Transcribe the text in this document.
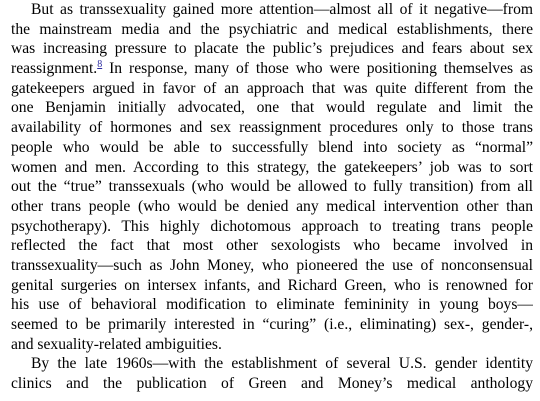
But as transsexuality gained more attention—almost all of it negative—from
the mainstream media and the psychiatric and medical establishments, there
was increasing pressure to placate the public’s prejudices and fears about sex
reassignment.$^8$ In response, many of those who were positioning themselves as
gatekeepers argued in favor of an approach that was quite different from the
one Benjamin initially advocated, one that would regulate and limit the
availability of hormones and sex reassignment procedures only to those trans
people who would be able to successfully blend into society as “normal”
women and men. According to this strategy, the gatekeepers’ job was to sort
out the “true” transsexuals (who would be allowed to fully transition) from all
other trans people (who would be denied any medical intervention other than
psychotherapy). This highly dichotomous approach to treating trans people
reflected the fact that most other sexologists who became involved in
transsexuality—such as John Money, who pioneered the use of nonconsensual
genital surgeries on intersex infants, and Richard Green, who is renowned for
his use of behavioral modification to eliminate femininity in young boys—
seemed to be primarily interested in “curing” (i.e., eliminating) sex-, gender-,
and sexuality-related ambiguities.
By the late 1960s—with the establishment of several U.S. gender identity
clinics and the publication of Green and Money’s medical anthology
